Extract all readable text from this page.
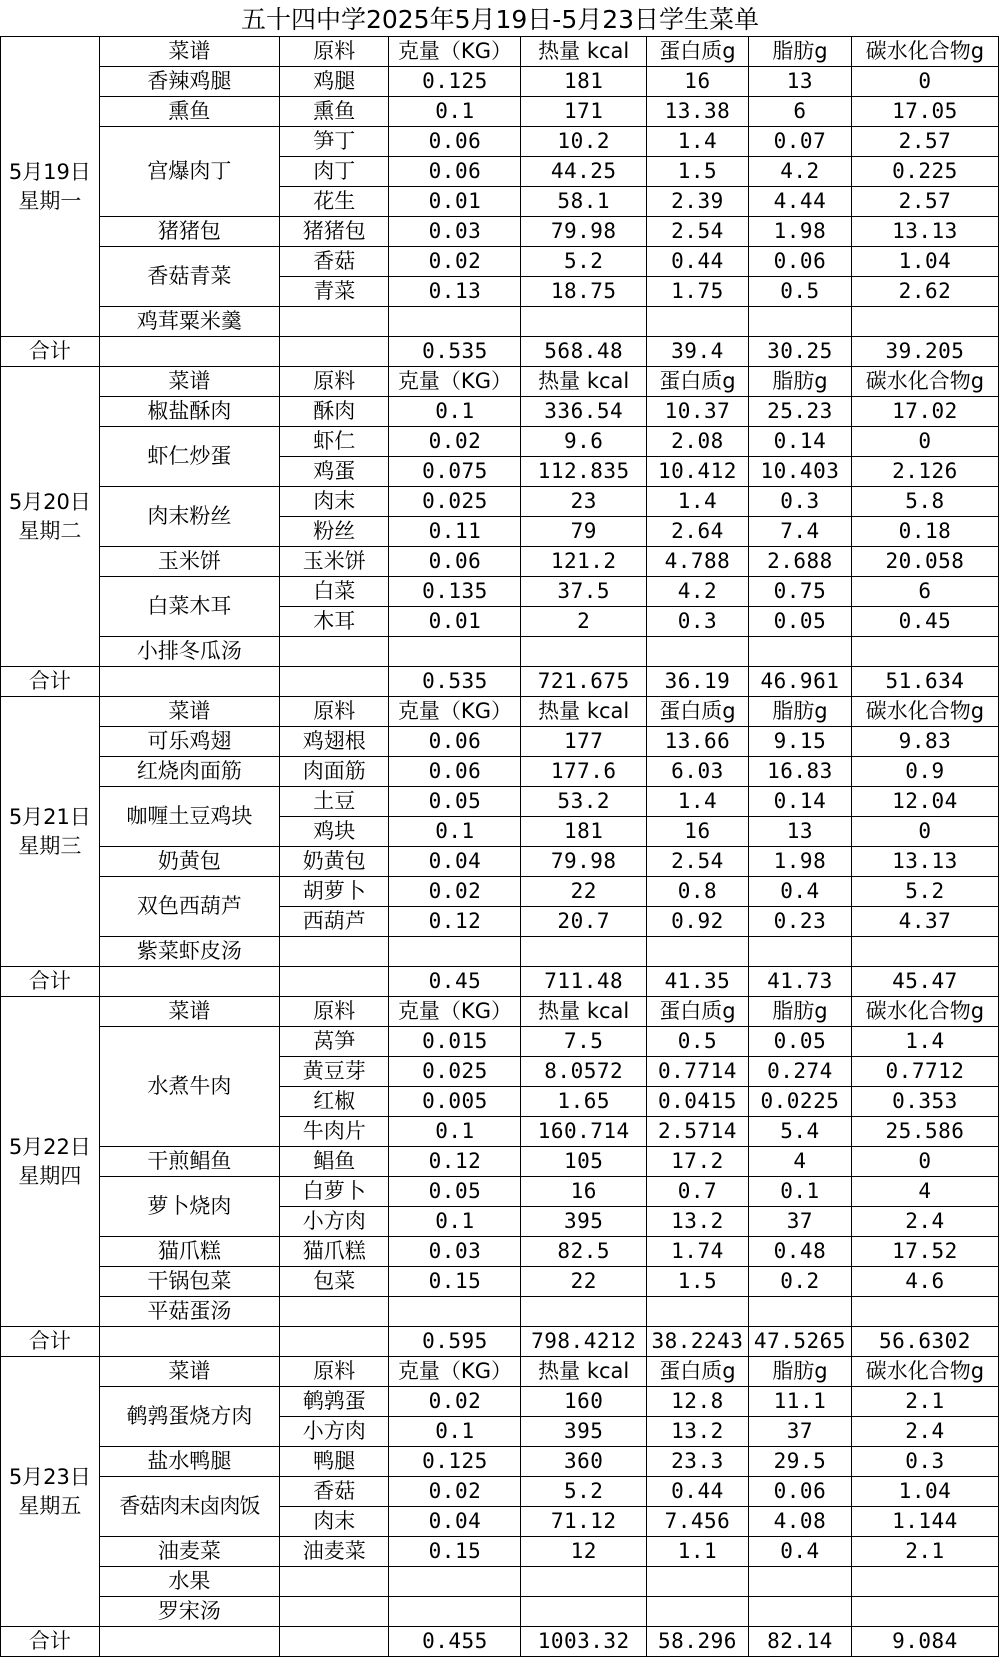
五十四中学2025年5月19日-5月23日学生菜单
5月19日
星期一	菜谱	原料	克量（KG）	热量 kcal	蛋白质g	脂肪g	碳水化合物g
	香辣鸡腿	鸡腿	0.125	181	16	13	0
	熏鱼	熏鱼	0.1	171	13.38	6	17.05
	宫爆肉丁	笋丁	0.06	10.2	1.4	0.07	2.57
		肉丁	0.06	44.25	1.5	4.2	0.225
		花生	0.01	58.1	2.39	4.44	2.57
	猪猪包	猪猪包	0.03	79.98	2.54	1.98	13.13
	香菇青菜	香菇	0.02	5.2	0.44	0.06	1.04
		青菜	0.13	18.75	1.75	0.5	2.62
	鸡茸粟米羹						
合计			0.535	568.48	39.4	30.25	39.205

5月20日
星期二	菜谱	原料	克量（KG）	热量 kcal	蛋白质g	脂肪g	碳水化合物g
	椒盐酥肉	酥肉	0.1	336.54	10.37	25.23	17.02
	虾仁炒蛋	虾仁	0.02	9.6	2.08	0.14	0
		鸡蛋	0.075	112.835	10.412	10.403	2.126
	肉末粉丝	肉末	0.025	23	1.4	0.3	5.8
		粉丝	0.11	79	2.64	7.4	0.18
	玉米饼	玉米饼	0.06	121.2	4.788	2.688	20.058
	白菜木耳	白菜	0.135	37.5	4.2	0.75	6
		木耳	0.01	2	0.3	0.05	0.45
	小排冬瓜汤						
合计			0.535	721.675	36.19	46.961	51.634

5月21日
星期三	菜谱	原料	克量（KG）	热量 kcal	蛋白质g	脂肪g	碳水化合物g
	可乐鸡翅	鸡翅根	0.06	177	13.66	9.15	9.83
	红烧肉面筋	肉面筋	0.06	177.6	6.03	16.83	0.9
	咖喱土豆鸡块	土豆	0.05	53.2	1.4	0.14	12.04
		鸡块	0.1	181	16	13	0
	奶黄包	奶黄包	0.04	79.98	2.54	1.98	13.13
	双色西葫芦	胡萝卜	0.02	22	0.8	0.4	5.2
		西葫芦	0.12	20.7	0.92	0.23	4.37
	紫菜虾皮汤						
合计			0.45	711.48	41.35	41.73	45.47

5月22日
星期四	菜谱	原料	克量（KG）	热量 kcal	蛋白质g	脂肪g	碳水化合物g
	水煮牛肉	莴笋	0.015	7.5	0.5	0.05	1.4
		黄豆芽	0.025	8.0572	0.7714	0.274	0.7712
		红椒	0.005	1.65	0.0415	0.0225	0.353
		牛肉片	0.1	160.714	2.5714	5.4	25.586
	干煎鲳鱼	鲳鱼	0.12	105	17.2	4	0
	萝卜烧肉	白萝卜	0.05	16	0.7	0.1	4
		小方肉	0.1	395	13.2	37	2.4
	猫爪糕	猫爪糕	0.03	82.5	1.74	0.48	17.52
	干锅包菜	包菜	0.15	22	1.5	0.2	4.6
	平菇蛋汤						
合计			0.595	798.4212	38.2243	47.5265	56.6302

5月23日
星期五	菜谱	原料	克量（KG）	热量 kcal	蛋白质g	脂肪g	碳水化合物g
	鹌鹑蛋烧方肉	鹌鹑蛋	0.02	160	12.8	11.1	2.1
		小方肉	0.1	395	13.2	37	2.4
	盐水鸭腿	鸭腿	0.125	360	23.3	29.5	0.3
	香菇肉末卤肉饭	香菇	0.02	5.2	0.44	0.06	1.04
		肉末	0.04	71.12	7.456	4.08	1.144
	油麦菜	油麦菜	0.15	12	1.1	0.4	2.1
	水果						
	罗宋汤						
合计			0.455	1003.32	58.296	82.14	9.084
